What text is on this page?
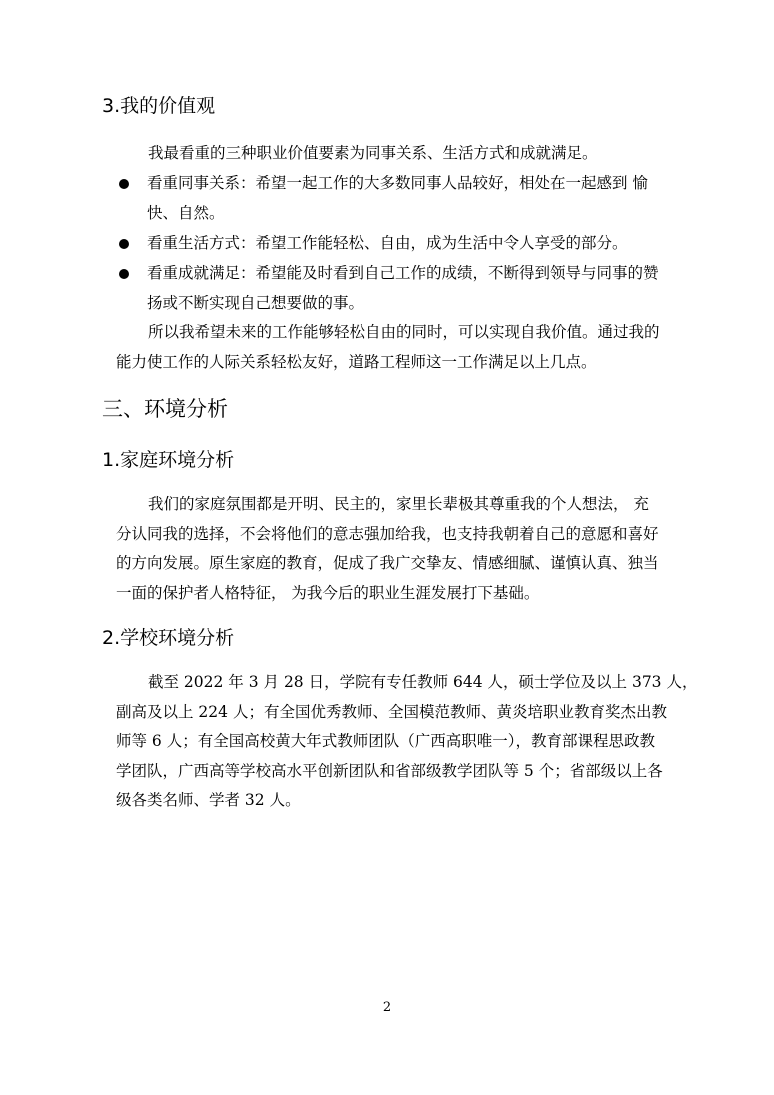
3.我的价值观
我最看重的三种职业价值要素为同事关系、生活方式和成就满足。
看重同事关系：希望一起工作的大多数同事人品较好，相处在一起感到 愉
快、自然。
看重生活方式：希望工作能轻松、自由，成为生活中令人享受的部分。
看重成就满足：希望能及时看到自己工作的成绩，不断得到领导与同事的赞
扬或不断实现自己想要做的事。
所以我希望未来的工作能够轻松自由的同时，可以实现自我价值。通过我的
能力使工作的人际关系轻松友好，道路工程师这一工作满足以上几点。
三、环境分析
1.家庭环境分析
我们的家庭氛围都是开明、民主的，家里长辈极其尊重我的个人想法， 充
分认同我的选择，不会将他们的意志强加给我，也支持我朝着自己的意愿和喜好
的方向发展。原生家庭的教育，促成了我广交挚友、情感细腻、谨慎认真、独当
一面的保护者人格特征， 为我今后的职业生涯发展打下基础。
2.学校环境分析
截至 2022 年 3 月 28 日，学院有专任教师 644 人，硕士学位及以上 373 人，
副高及以上 224 人；有全国优秀教师、全国模范教师、黄炎培职业教育奖杰出教
师等 6 人；有全国高校黄大年式教师团队（广西高职唯一），教育部课程思政教
学团队，广西高等学校高水平创新团队和省部级教学团队等 5 个；省部级以上各
级各类名师、学者 32 人。
2
